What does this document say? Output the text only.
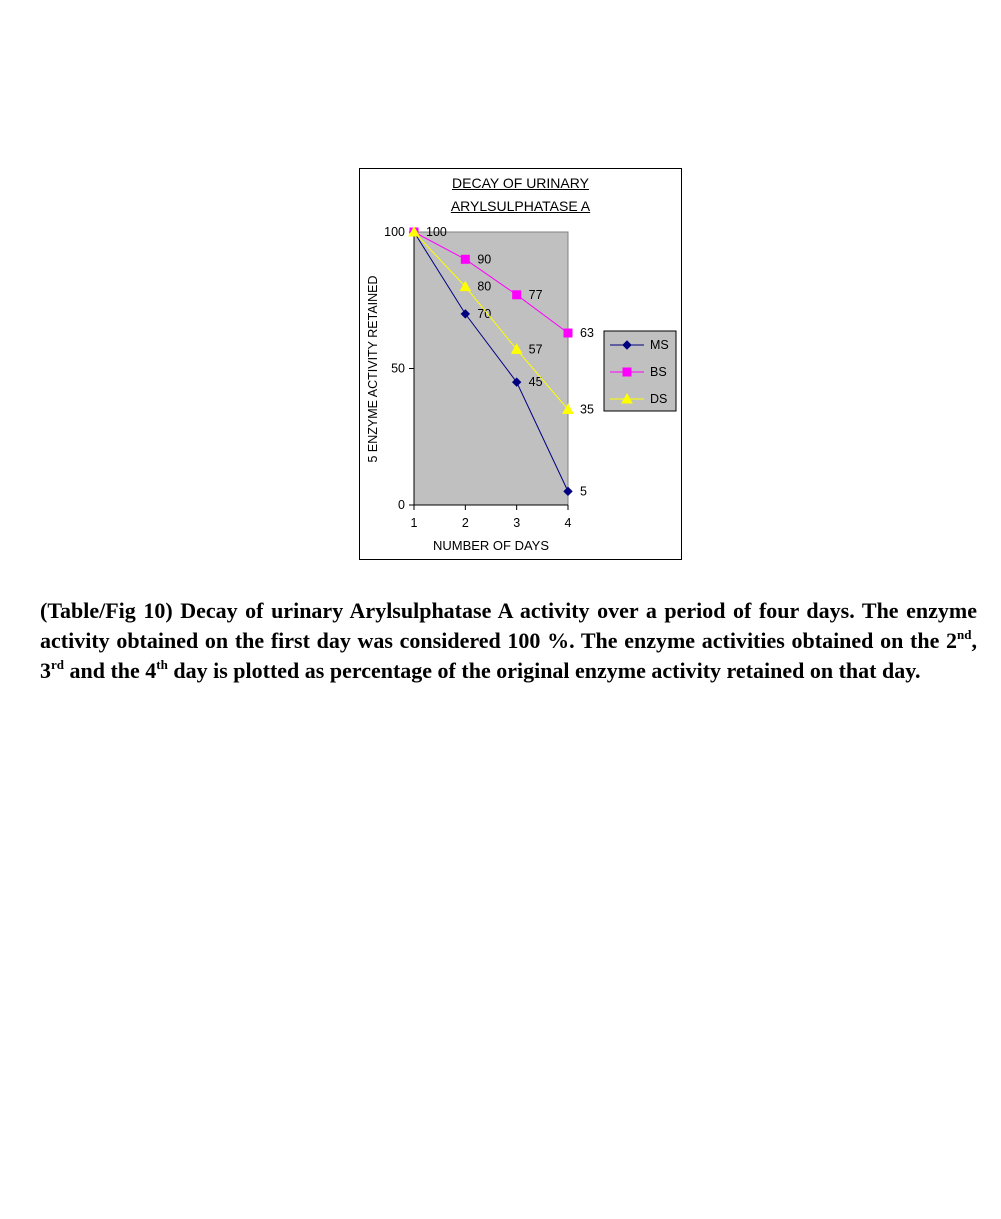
DECAY OF URINARY
ARYLSULPHATASE A
0
50
100
1	2	3	4
70
45
5
100
90
77
63
80
57
35
5 ENZYME ACTIVITY RETAINED
NUMBER OF DAYS
MS
BS
DS

(Table/Fig 10) Decay of urinary Arylsulphatase A activity over a period of four days. The enzyme activity obtained on the first day was considered 100 %. The enzyme activities obtained on the 2nd, 3rd and the 4th day is plotted as percentage of the original enzyme activity retained on that day.
